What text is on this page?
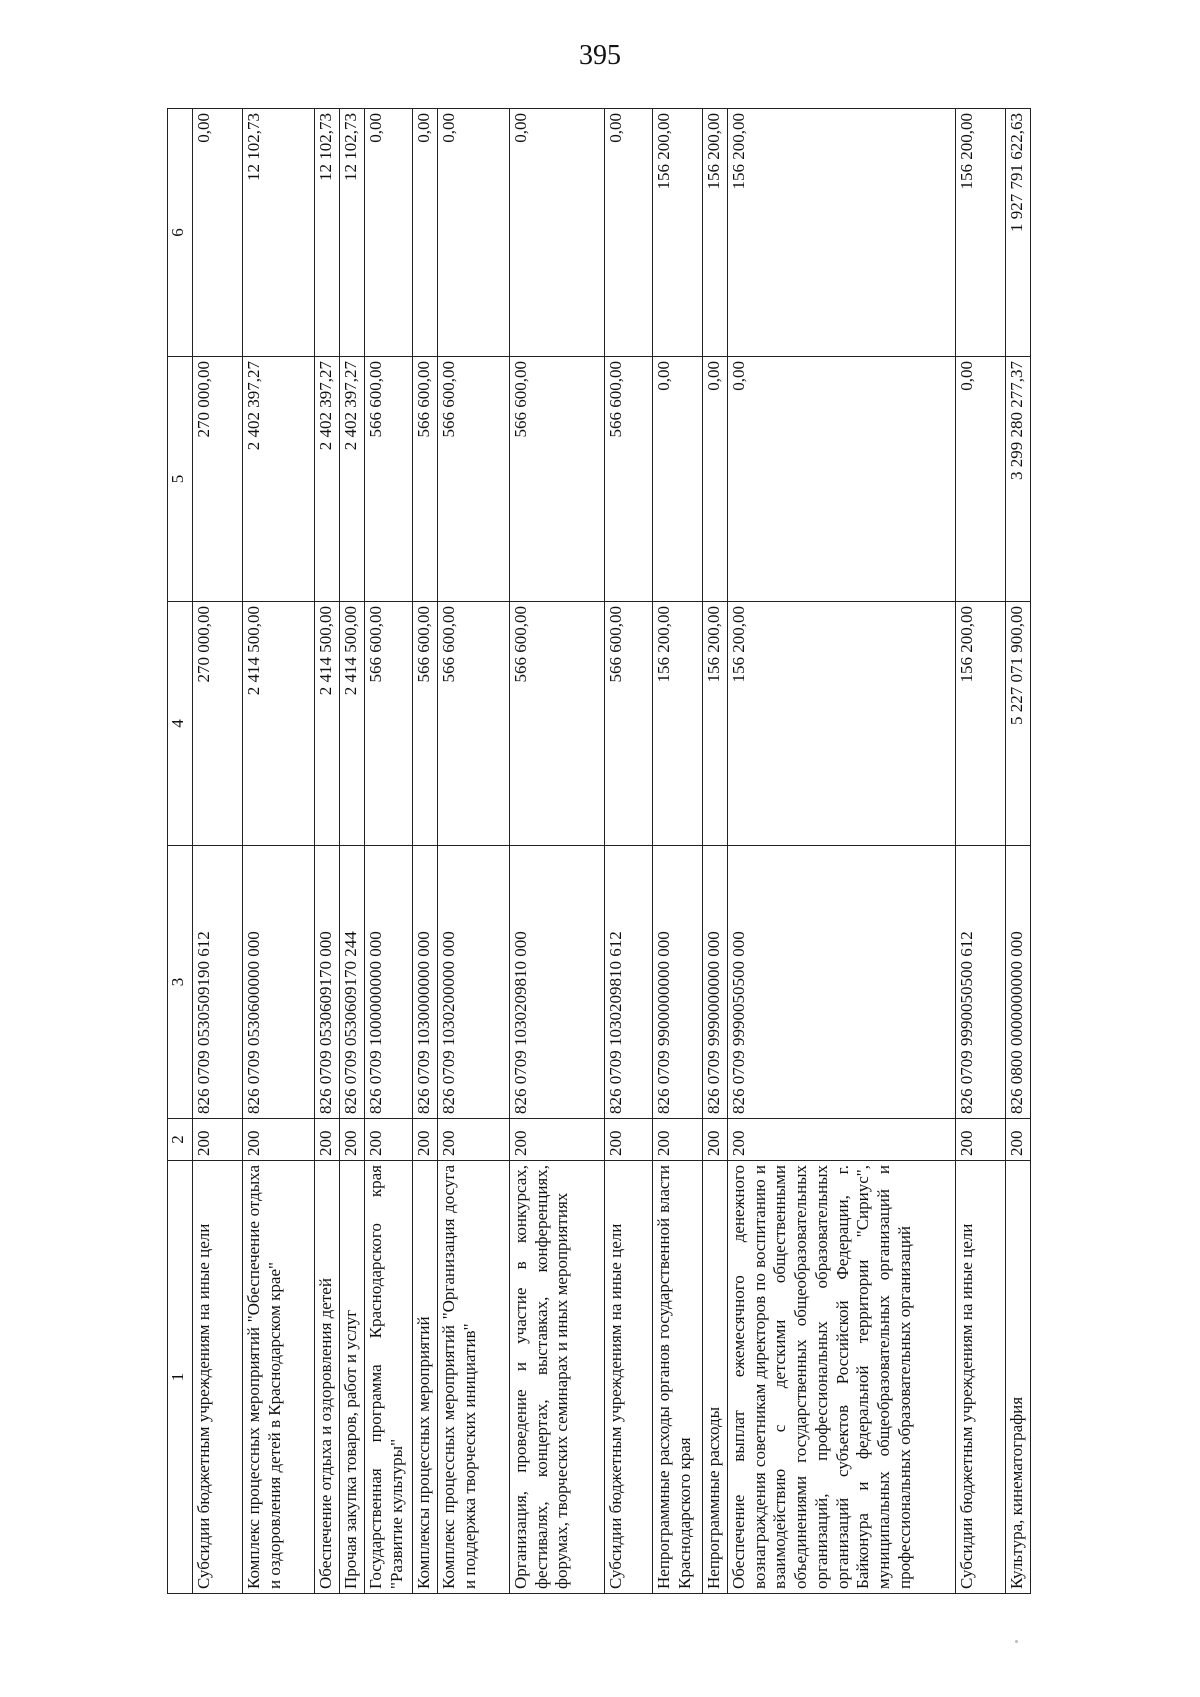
395
1	2	3	4	5	6
Субсидии бюджетным учреждениям на иные цели	200	826 0709 0530509190 612	270 000,00	270 000,00	0,00
Комплекс процессных мероприятий "Обеспечение отдыха и оздоровления детей в Краснодарском крае"	200	826 0709 0530600000 000	2 414 500,00	2 402 397,27	12 102,73
Обеспечение отдыха и оздоровления детей	200	826 0709 0530609170 000	2 414 500,00	2 402 397,27	12 102,73
Прочая закупка товаров, работ и услуг	200	826 0709 0530609170 244	2 414 500,00	2 402 397,27	12 102,73
Государственная программа Краснодарского края "Развитие культуры"	200	826 0709 1000000000 000	566 600,00	566 600,00	0,00
Комплексы процессных мероприятий	200	826 0709 1030000000 000	566 600,00	566 600,00	0,00
Комплекс процессных мероприятий "Организация досуга и поддержка творческих инициатив"	200	826 0709 1030200000 000	566 600,00	566 600,00	0,00
Организация, проведение и участие в конкурсах, фестивалях, концертах, выставках, конференциях, форумах, творческих семинарах и иных мероприятиях	200	826 0709 1030209810 000	566 600,00	566 600,00	0,00
Субсидии бюджетным учреждениям на иные цели	200	826 0709 1030209810 612	566 600,00	566 600,00	0,00
Непрограммные расходы органов государственной власти Краснодарского края	200	826 0709 9900000000 000	156 200,00	0,00	156 200,00
Непрограммные расходы	200	826 0709 9990000000 000	156 200,00	0,00	156 200,00
Обеспечение выплат ежемесячного денежного вознаграждения советникам директоров по воспитанию и взаимодействию с детскими общественными объединениями государственных общеобразовательных организаций, профессиональных образовательных организаций субъектов Российской Федерации, г. Байконура и федеральной территории "Сириус", муниципальных общеобразовательных организаций и профессиональных образовательных организаций	200	826 0709 9990050500 000	156 200,00	0,00	156 200,00
Субсидии бюджетным учреждениям на иные цели	200	826 0709 9990050500 612	156 200,00	0,00	156 200,00
Культура, кинематография	200	826 0800 0000000000 000	5 227 071 900,00	3 299 280 277,37	1 927 791 622,63
